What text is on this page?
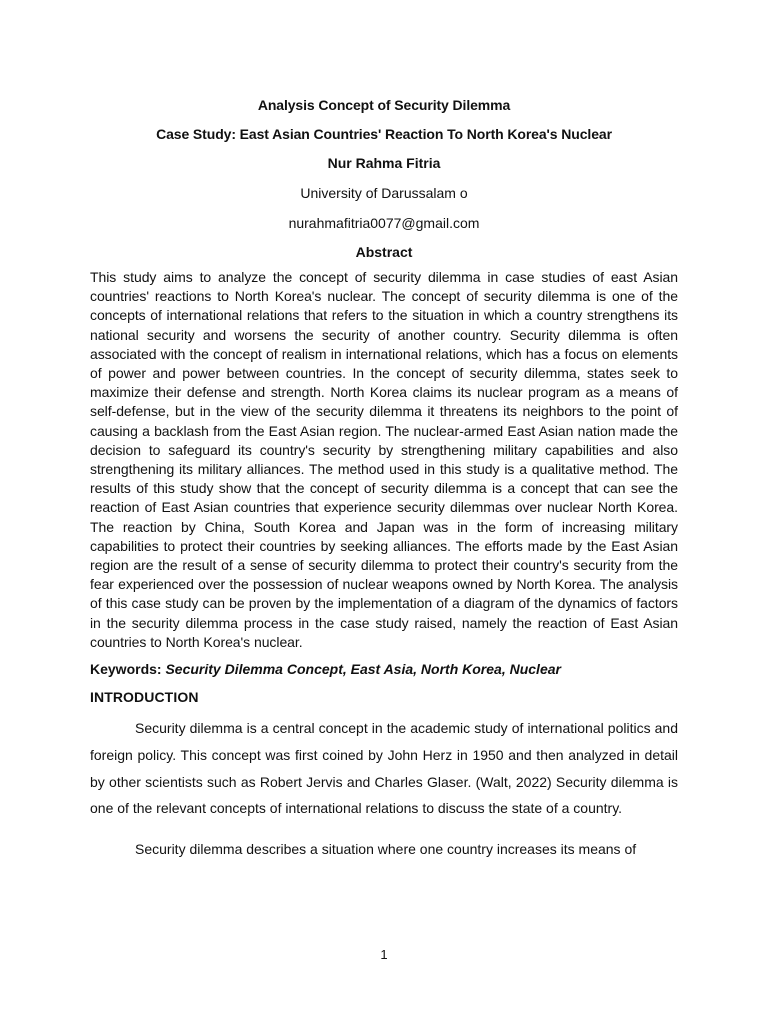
Analysis Concept of Security Dilemma

Case Study: East Asian Countries' Reaction To North Korea's Nuclear

Nur Rahma Fitria

University of Darussalam o

nurahmafitria0077@gmail.com

Abstract

This study aims to analyze the concept of security dilemma in case studies of east Asian countries' reactions to North Korea's nuclear. The concept of security dilemma is one of the concepts of international relations that refers to the situation in which a country strengthens its national security and worsens the security of another country. Security dilemma is often associated with the concept of realism in international relations, which has a focus on elements of power and power between countries. In the concept of security dilemma, states seek to maximize their defense and strength. North Korea claims its nuclear program as a means of self-defense, but in the view of the security dilemma it threatens its neighbors to the point of causing a backlash from the East Asian region. The nuclear-armed East Asian nation made the decision to safeguard its country's security by strengthening military capabilities and also strengthening its military alliances. The method used in this study is a qualitative method. The results of this study show that the concept of security dilemma is a concept that can see the reaction of East Asian countries that experience security dilemmas over nuclear North Korea. The reaction by China, South Korea and Japan was in the form of increasing military capabilities to protect their countries by seeking alliances. The efforts made by the East Asian region are the result of a sense of security dilemma to protect their country's security from the fear experienced over the possession of nuclear weapons owned by North Korea. The analysis of this case study can be proven by the implementation of a diagram of the dynamics of factors in the security dilemma process in the case study raised, namely the reaction of East Asian countries to North Korea's nuclear.

Keywords: Security Dilemma Concept, East Asia, North Korea, Nuclear

INTRODUCTION

Security dilemma is a central concept in the academic study of international politics and foreign policy. This concept was first coined by John Herz in 1950 and then analyzed in detail by other scientists such as Robert Jervis and Charles Glaser. (Walt, 2022) Security dilemma is one of the relevant concepts of international relations to discuss the state of a country.

Security dilemma describes a situation where one country increases its means of

1
